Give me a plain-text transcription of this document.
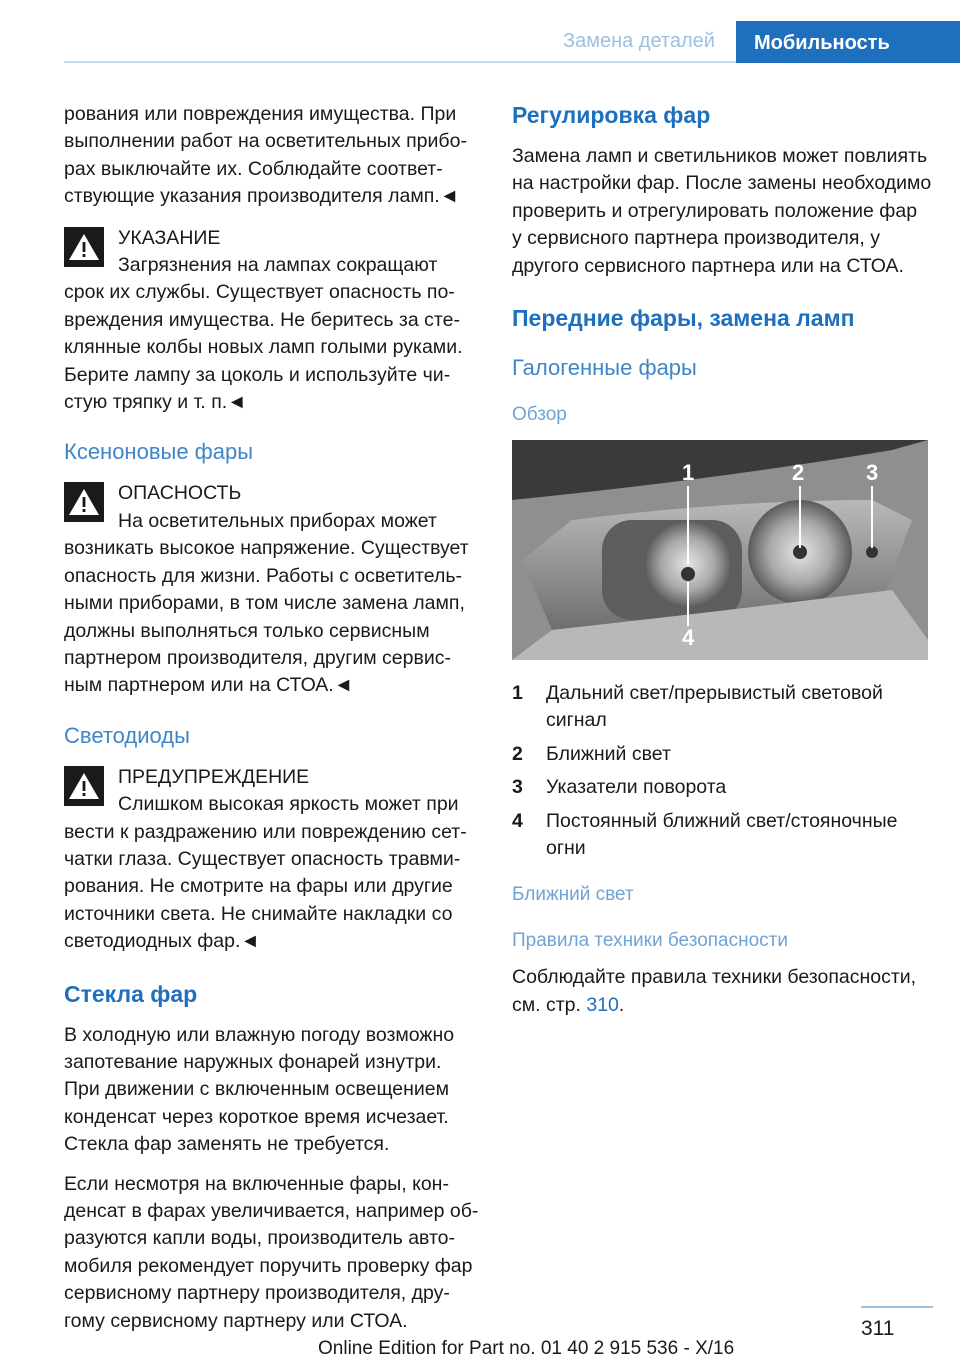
Замена деталей	Мобильность

рования или повреждения имущества. При выполнении работ на осветительных приборах выключайте их. Соблюдайте соответствующие указания производителя ламп.◄

УКАЗАНИЕ
Загрязнения на лампах сокращают
срок их службы. Существует опасность повреждения имущества. Не беритесь за стеклянные колбы новых ламп голыми руками. Берите лампу за цоколь и используйте чистую тряпку и т. п.◄
Ксеноновые фары
ОПАСНОСТЬ
На осветительных приборах может
возникать высокое напряжение. Существует опасность для жизни. Работы с осветительными приборами, в том числе замена ламп, должны выполняться только сервисным партнером производителя, другим сервисным партнером или на СТОА.◄
Светодиоды
ПРЕДУПРЕЖДЕНИЕ
Слишком высокая яркость может при
вести к раздражению или повреждению сетчатки глаза. Существует опасность травмирования. Не смотрите на фары или другие источники света. Не снимайте накладки со светодиодных фар.◄
Стекла фар

В холодную или влажную погоду возможно запотевание наружных фонарей изнутри. При движении с включенным освещением конденсат через короткое время исчезает. Стекла фар заменять не требуется.

Если несмотря на включенные фары, конденсат в фарах увеличивается, например образуются капли воды, производитель автомобиля рекомендует поручить проверку фар сервисному партнеру производителя, другому сервисному партнеру или СТОА.

Регулировка фар

Замена ламп и светильников может повлиять на настройки фар. После замены необходимо проверить и отрегулировать положение фар у сервисного партнера производителя, у другого сервисного партнера или на СТОА.

Передние фары, замена ламп
Галогенные фары
Обзор
1	2	3
4
1 Дальний свет/прерывистый световой сигнал
2 Ближний свет
3 Указатели поворота
4 Постоянный ближний свет/стояночные огни
Ближний свет
Правила техники безопасности

Соблюдайте правила техники безопасности, см. стр. 310.

311
Online Edition for Part no. 01 40 2 915 536 - X/16
